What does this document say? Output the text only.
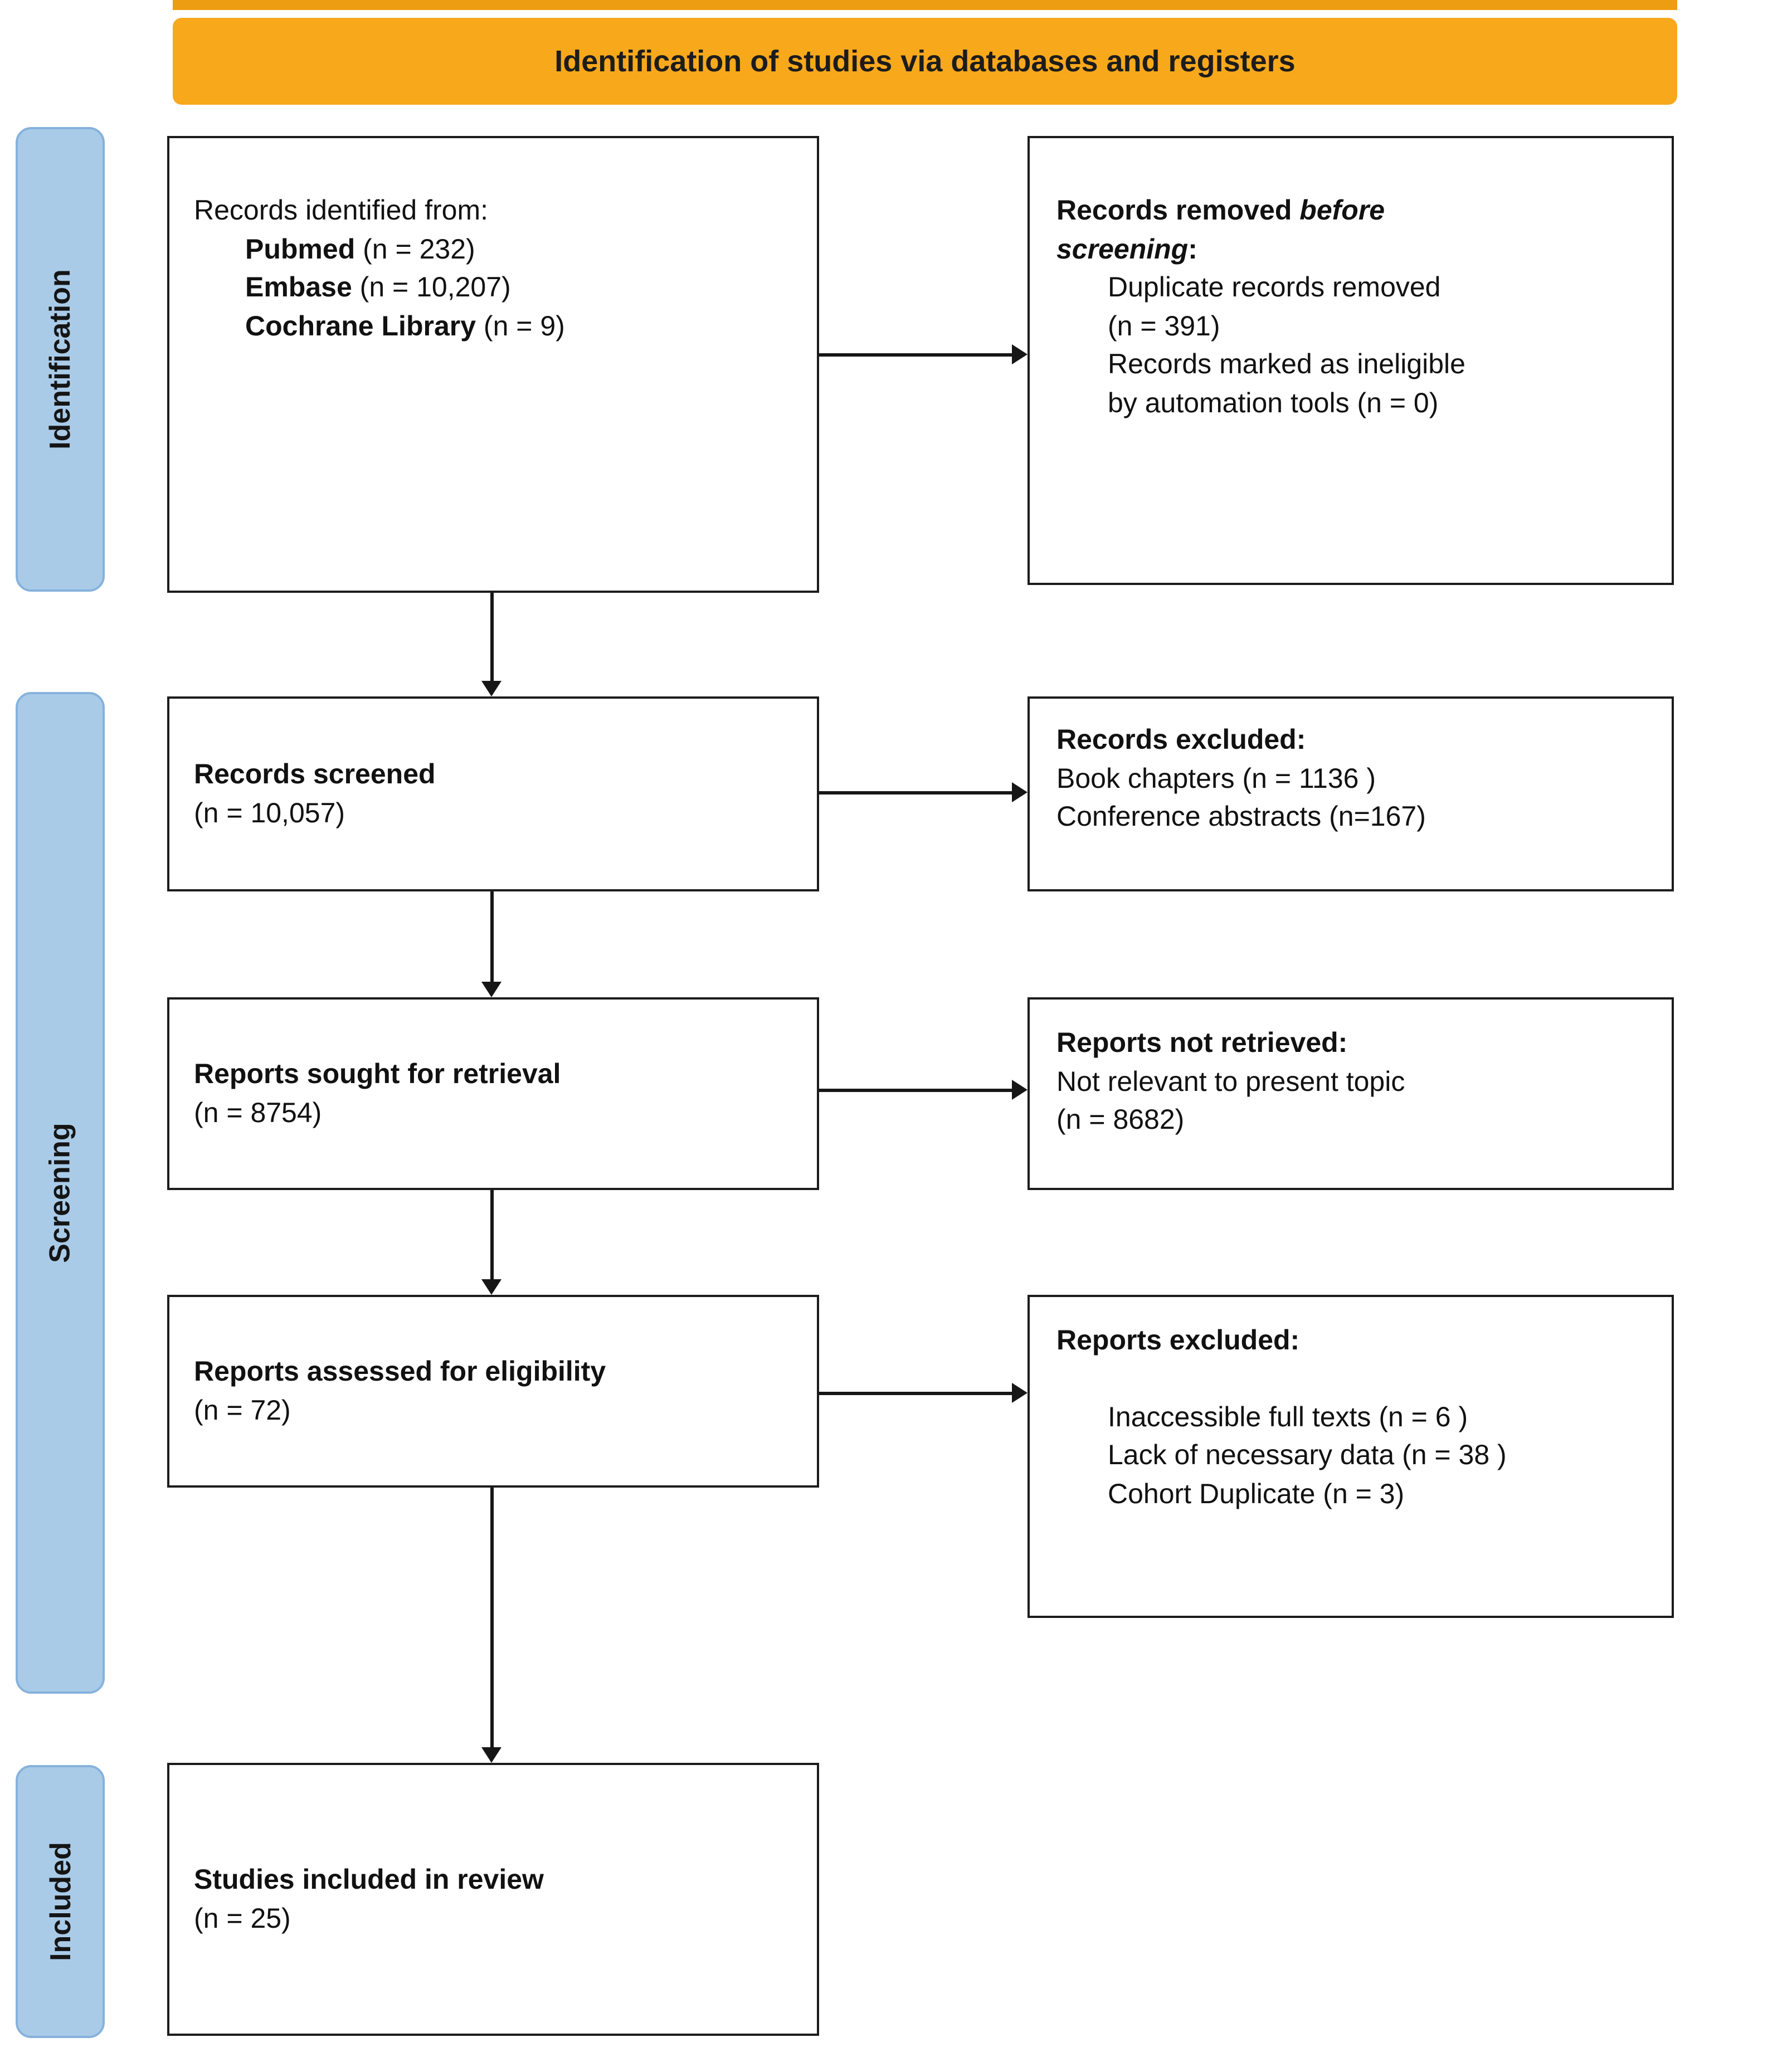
Identification of studies via databases and registers
Identification
Screening
Included
Records identified from:
Pubmed (n = 232)
Embase (n = 10,207)
Cochrane Library (n = 9)
Records screened
(n = 10,057)
Reports sought for retrieval
(n = 8754)
Reports assessed for eligibility
(n = 72)
Studies included in review
(n = 25)
Records removed before screening:
Duplicate records removed
(n = 391)
Records marked as ineligible
by automation tools (n = 0)
Records excluded:
Book chapters (n = 1136 )
Conference abstracts (n=167)
Reports not retrieved:
Not relevant to present topic
(n = 8682)
Reports excluded:
Inaccessible full texts (n = 6 )
Lack of necessary data (n = 38 )
Cohort Duplicate (n = 3)
